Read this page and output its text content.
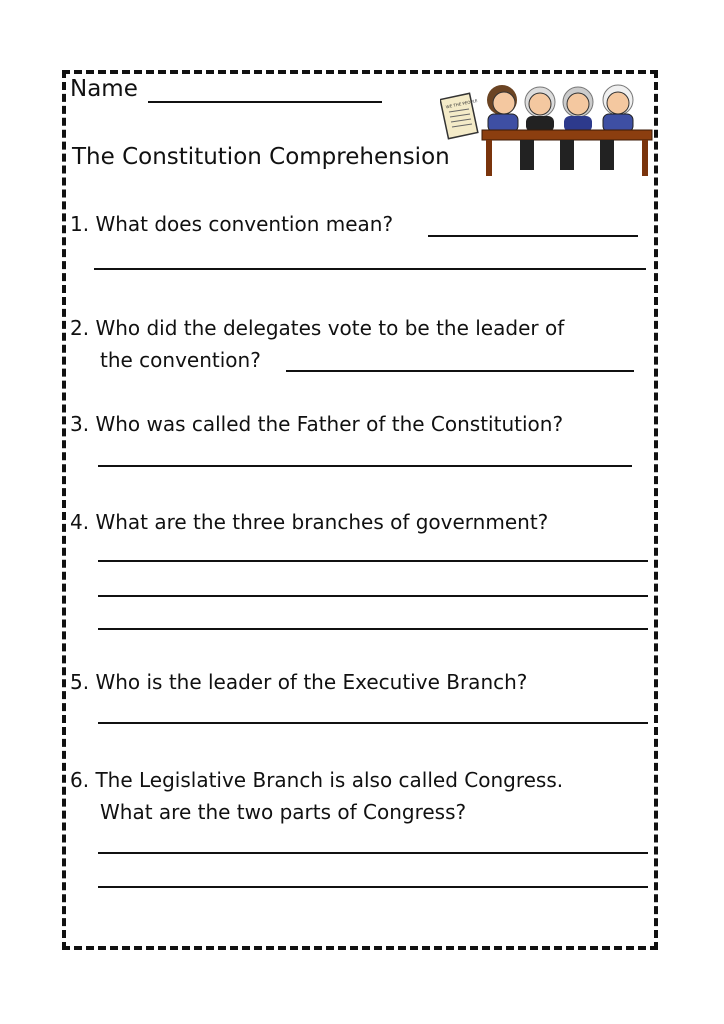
Name

The Constitution Comprehension

WE THE PEOPLE

1. What does convention mean?

2. Who did the delegates vote to be the leader of

the convention?

3. Who was called the Father of the Constitution?

4. What are the three branches of government?

5. Who is the leader of the Executive Branch?

6. The Legislative Branch is also called Congress.

What are the two parts of Congress?
